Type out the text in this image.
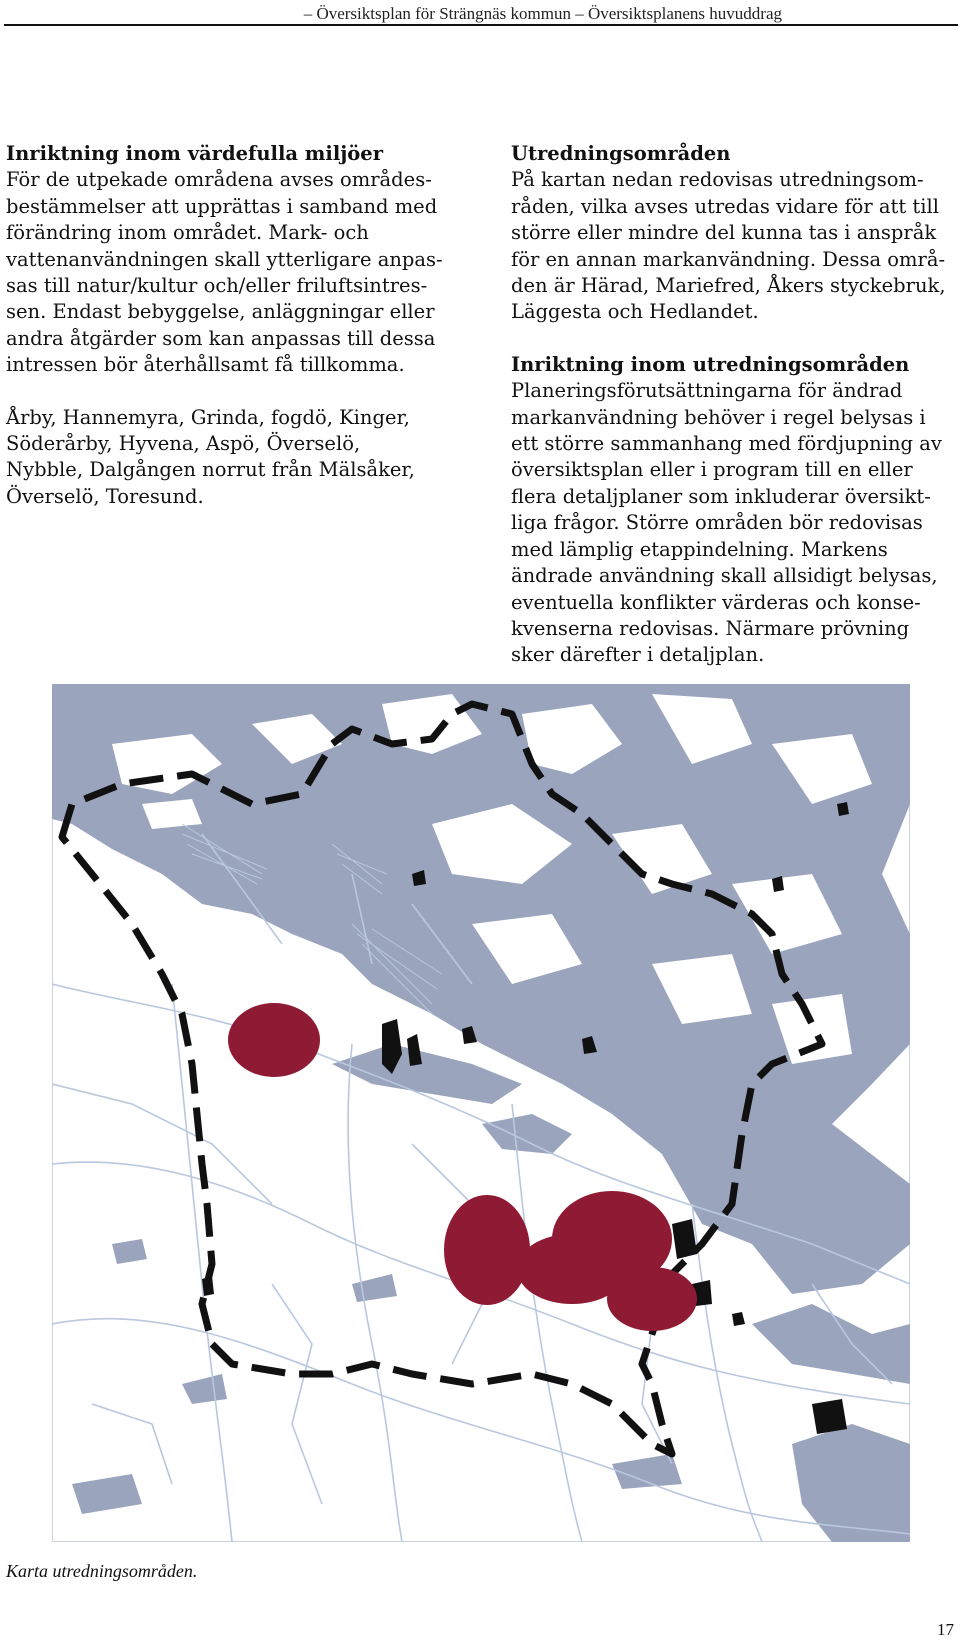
– Översiktsplan för Strängnäs kommun – Översiktsplanens huvuddrag
Inriktning inom värdefulla miljöer
För de utpekade områdena avses områdes-
bestämmelser att upprättas i samband med
förändring inom området. Mark- och
vattenanvändningen skall ytterligare anpas-
sas till natur/kultur och/eller friluftsintres-
sen. Endast bebyggelse, anläggningar eller
andra åtgärder som kan anpassas till dessa
intressen bör återhållsamt få tillkomma.
Årby, Hannemyra, Grinda, fogdö, Kinger,
Söderårby, Hyvena, Aspö, Överselö,
Nybble, Dalgången norrut från Mälsåker,
Överselö, Toresund.
Utredningsområden
På kartan nedan redovisas utredningsom-
råden, vilka avses utredas vidare för att till
större eller mindre del kunna tas i anspråk
för en annan markanvändning. Dessa områ-
den är Härad, Mariefred, Åkers styckebruk,
Läggesta och Hedlandet.
Inriktning inom utredningsområden
Planeringsförutsättningarna för ändrad
markanvändning behöver i regel belysas i
ett större sammanhang med fördjupning av
översiktsplan eller i program till en eller
flera detaljplaner som inkluderar översikt-
liga frågor. Större områden bör redovisas
med lämplig etappindelning. Markens
ändrade användning skall allsidigt belysas,
eventuella konflikter värderas och konse-
kvenserna redovisas. Närmare prövning
sker därefter i detaljplan.
Karta utredningsområden.
17
